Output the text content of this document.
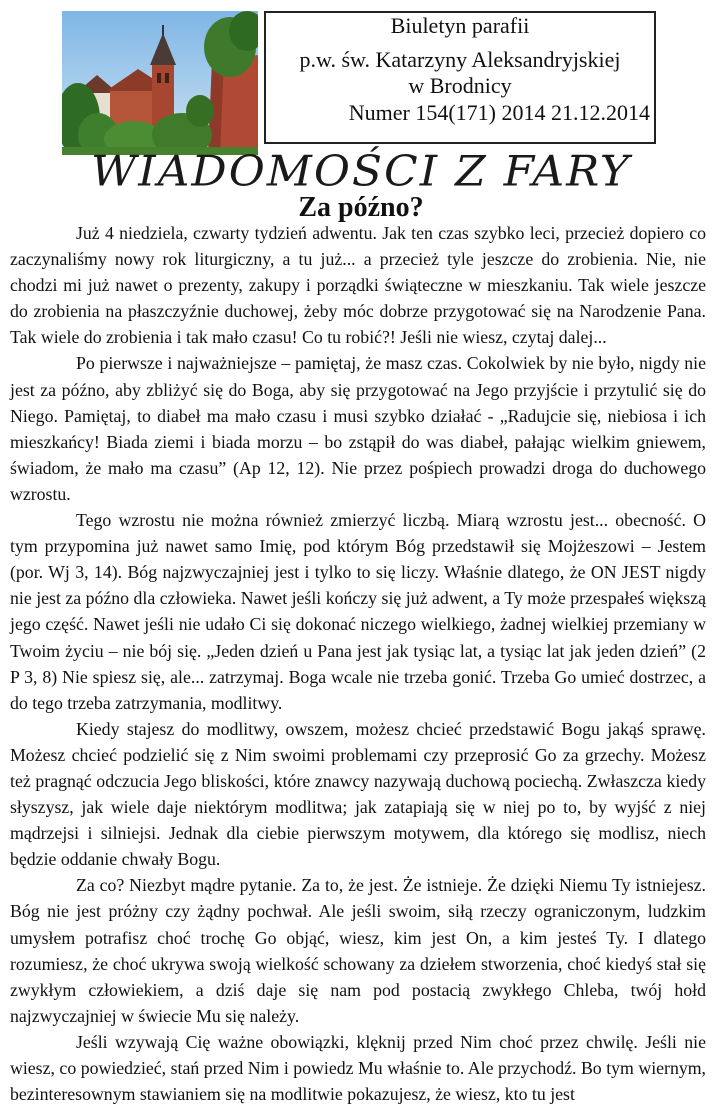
Biuletyn parafii
p.w. św. Katarzyny Aleksandryjskiej
w Brodnicy
Numer 154(171) 2014 21.12.2014
WIADOMOŚCI Z FARY
Za późno?

Już 4 niedziela, czwarty tydzień adwentu. Jak ten czas szybko leci, przecież dopiero co zaczynaliśmy nowy rok liturgiczny, a tu już... a przecież tyle jeszcze do zrobienia. Nie, nie chodzi mi już nawet o prezenty, zakupy i porządki świąteczne w mieszkaniu. Tak wiele jeszcze do zrobienia na płaszczyźnie duchowej, żeby móc dobrze przygotować się na Narodzenie Pana. Tak wiele do zrobienia i tak mało czasu! Co tu robić?! Jeśli nie wiesz, czytaj dalej...

Po pierwsze i najważniejsze – pamiętaj, że masz czas. Cokolwiek by nie było, nigdy nie jest za późno, aby zbliżyć się do Boga, aby się przygotować na Jego przyjście i przytulić się do Niego. Pamiętaj, to diabeł ma mało czasu i musi szybko działać - „Radujcie się, niebiosa i ich mieszkańcy! Biada ziemi i biada morzu – bo zstąpił do was diabeł, pałając wielkim gniewem, świadom, że mało ma czasu” (Ap 12, 12). Nie przez pośpiech prowadzi droga do duchowego wzrostu.

Tego wzrostu nie można również zmierzyć liczbą. Miarą wzrostu jest... obecność. O tym przypomina już nawet samo Imię, pod którym Bóg przedstawił się Mojżeszowi – Jestem (por. Wj 3, 14). Bóg najzwyczajniej jest i tylko to się liczy. Właśnie dlatego, że ON JEST nigdy nie jest za późno dla człowieka. Nawet jeśli kończy się już adwent, a Ty może przespałeś większą jego część. Nawet jeśli nie udało Ci się dokonać niczego wielkiego, żadnej wielkiej przemiany w Twoim życiu – nie bój się. „Jeden dzień u Pana jest jak tysiąc lat, a tysiąc lat jak jeden dzień” (2 P 3, 8) Nie spiesz się, ale... zatrzymaj. Boga wcale nie trzeba gonić. Trzeba Go umieć dostrzec, a do tego trzeba zatrzymania, modlitwy.

Kiedy stajesz do modlitwy, owszem, możesz chcieć przedstawić Bogu jakąś sprawę. Możesz chcieć podzielić się z Nim swoimi problemami czy przeprosić Go za grzechy. Możesz też pragnąć odczucia Jego bliskości, które znawcy nazywają duchową pociechą. Zwłaszcza kiedy słyszysz, jak wiele daje niektórym modlitwa; jak zatapiają się w niej po to, by wyjść z niej mądrzejsi i silniejsi. Jednak dla ciebie pierwszym motywem, dla którego się modlisz, niech będzie oddanie chwały Bogu.

Za co? Niezbyt mądre pytanie. Za to, że jest. Że istnieje. Że dzięki Niemu Ty istniejesz. Bóg nie jest próżny czy żądny pochwał. Ale jeśli swoim, siłą rzeczy ograniczonym, ludzkim umysłem potrafisz choć trochę Go objąć, wiesz, kim jest On, a kim jesteś Ty. I dlatego rozumiesz, że choć ukrywa swoją wielkość schowany za dziełem stworzenia, choć kiedyś stał się zwykłym człowiekiem, a dziś daje się nam pod postacią zwykłego Chleba, twój hołd najzwyczajniej w świecie Mu się należy.

Jeśli wzywają Cię ważne obowiązki, klęknij przed Nim choć przez chwilę. Jeśli nie wiesz, co powiedzieć, stań przed Nim i powiedz Mu właśnie to. Ale przychodź. Bo tym wiernym, bezinteresownym stawianiem się na modlitwie pokazujesz, że wiesz, kto tu jest
